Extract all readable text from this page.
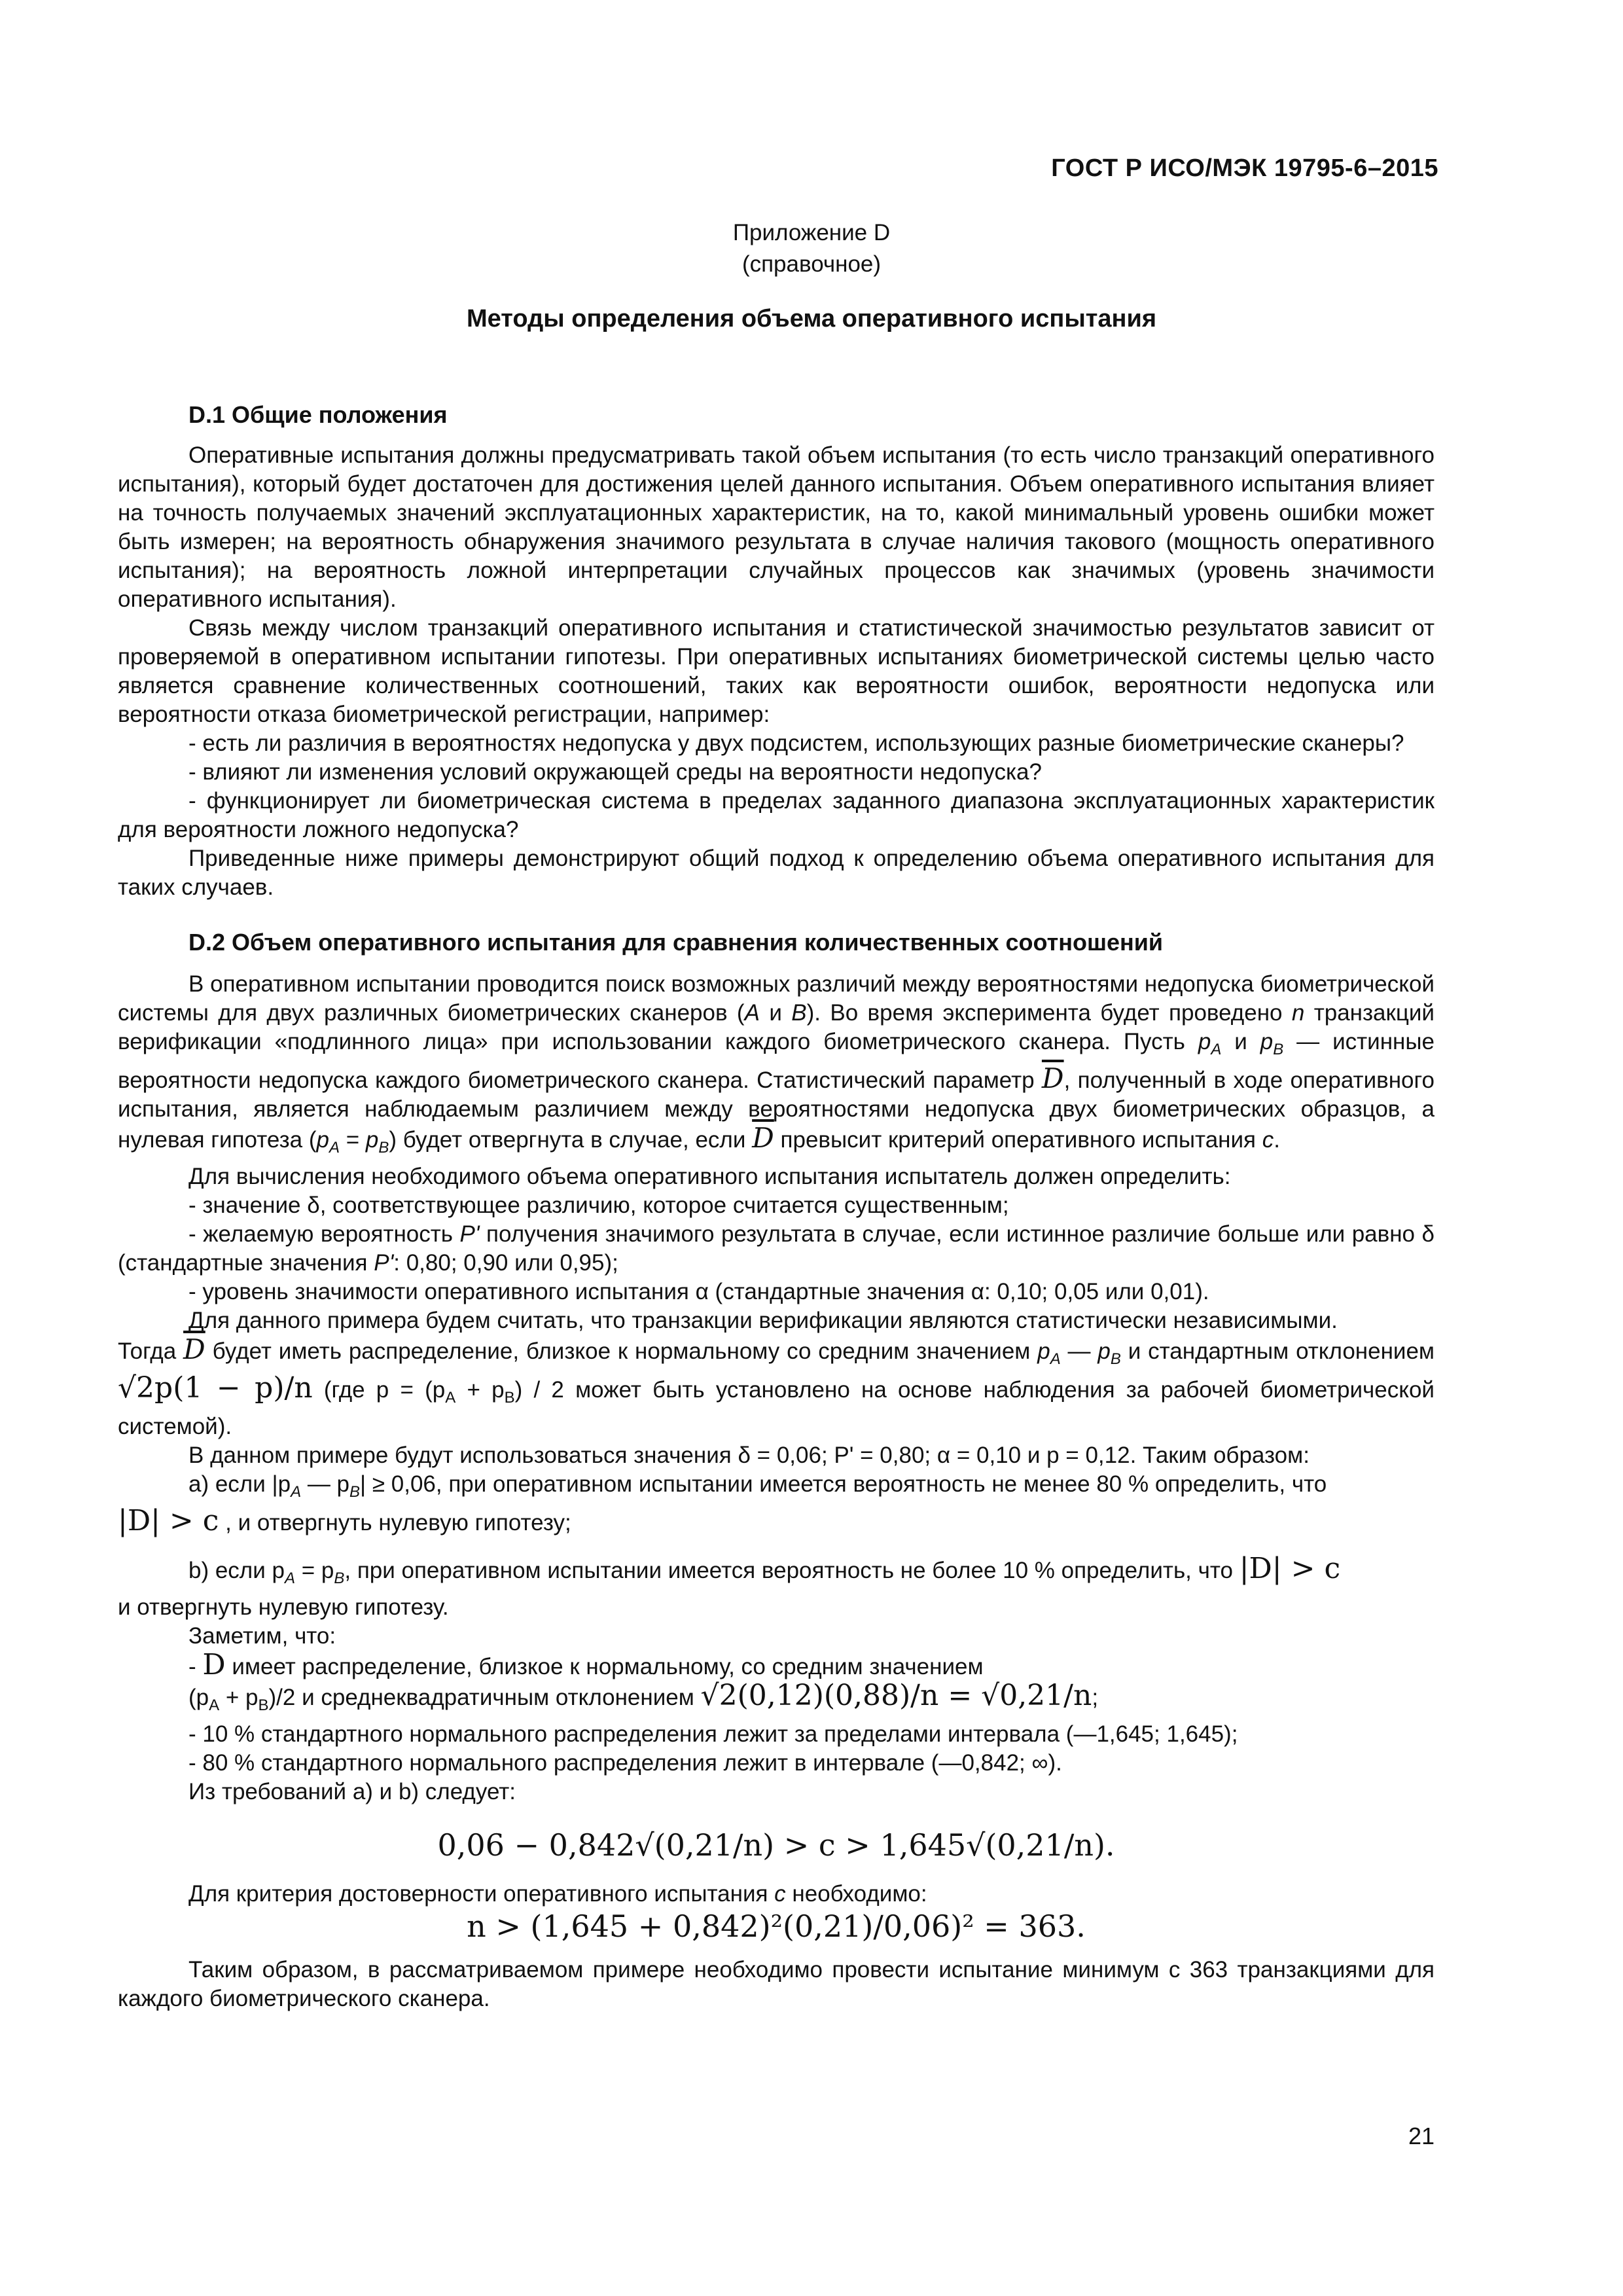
ГОСТ Р ИСО/МЭК 19795-6–2015
Приложение D
(справочное)
Методы определения объема оперативного испытания
D.1 Общие положения

Оперативные испытания должны предусматривать такой объем испытания (то есть число транзакций оперативного испытания), который будет достаточен для достижения целей данного испытания. Объем оперативного испытания влияет на точность получаемых значений эксплуатационных характеристик, на то, какой минимальный уровень ошибки может быть измерен; на вероятность обнаружения значимого результата в случае наличия такового (мощность оперативного испытания); на вероятность ложной интерпретации случайных процессов как значимых (уровень значимости оперативного испытания).

Связь между числом транзакций оперативного испытания и статистической значимостью результатов зависит от проверяемой в оперативном испытании гипотезы. При оперативных испытаниях биометрической системы целью часто является сравнение количественных соотношений, таких как вероятности ошибок, вероятности недопуска или вероятности отказа биометрической регистрации, например:

- есть ли различия в вероятностях недопуска у двух подсистем, использующих разные биометрические сканеры?

- влияют ли изменения условий окружающей среды на вероятности недопуска?

- функционирует ли биометрическая система в пределах заданного диапазона эксплуатационных характеристик для вероятности ложного недопуска?

Приведенные ниже примеры демонстрируют общий подход к определению объема оперативного испытания для таких случаев.

D.2 Объем оперативного испытания для сравнения количественных соотношений

В оперативном испытании проводится поиск возможных различий между вероятностями недопуска биометрической системы для двух различных биометрических сканеров (A и B). Во время эксперимента будет проведено n транзакций верификации «подлинного лица» при использовании каждого биометрического сканера. Пусть $p_A$ и $p_B$ — истинные вероятности недопуска каждого биометрического сканера. Статистический параметр $\overline{D}$, полученный в ходе оперативного испытания, является наблюдаемым различием между вероятностями недопуска двух биометрических образцов, а нулевая гипотеза $(p_A = p_B)$ будет отвергнута в случае, если $\overline{D}$ превысит критерий оперативного испытания c.

Для вычисления необходимого объема оперативного испытания испытатель должен определить:

- значение δ, соответствующее различию, которое считается существенным;

- желаемую вероятность P' получения значимого результата в случае, если истинное различие больше или равно δ (стандартные значения P': 0,80; 0,90 или 0,95);

- уровень значимости оперативного испытания α (стандартные значения α: 0,10; 0,05 или 0,01).

Для данного примера будем считать, что транзакции верификации являются статистически независимыми.

Тогда $\overline{D}$ будет иметь распределение, близкое к нормальному со средним значением $p_A$ — $p_B$ и стандартным отклонением √2p(1 − p)/n (где $p = (p_A + p_B) / 2$ может быть установлено на основе наблюдения за рабочей биометрической системой).

В данном примере будут использоваться значения δ = 0,06; P' = 0,80; α = 0,10 и p = 0,12. Таким образом:

a) если $|p_A$ — $p_B| \ge 0,06$, при оперативном испытании имеется вероятность не менее 80 % определить, что

|D| > c , и отвергнуть нулевую гипотезу;

b) если $p_A = p_B$, при оперативном испытании имеется вероятность не более 10 % определить, что |D| > c

и отвергнуть нулевую гипотезу.

Заметим, что:

- D имеет распределение, близкое к нормальному, со средним значением

$(p_A + p_B)/2$ и среднеквадратичным отклонением √2(0,12)(0,88)/n = √0,21/n;

- 10 % стандартного нормального распределения лежит за пределами интервала (—1,645; 1,645);

- 80 % стандартного нормального распределения лежит в интервале (—0,842; ∞).

Из требований a) и b) следует:

0,06 − 0,842√(0,21/n) > c > 1,645√(0,21/n).

Для критерия достоверности оперативного испытания c необходимо:

n > (1,645 + 0,842)²(0,21)/0,06)² = 363.

Таким образом, в рассматриваемом примере необходимо провести испытание минимум с 363 транзакциями для каждого биометрического сканера.

21
